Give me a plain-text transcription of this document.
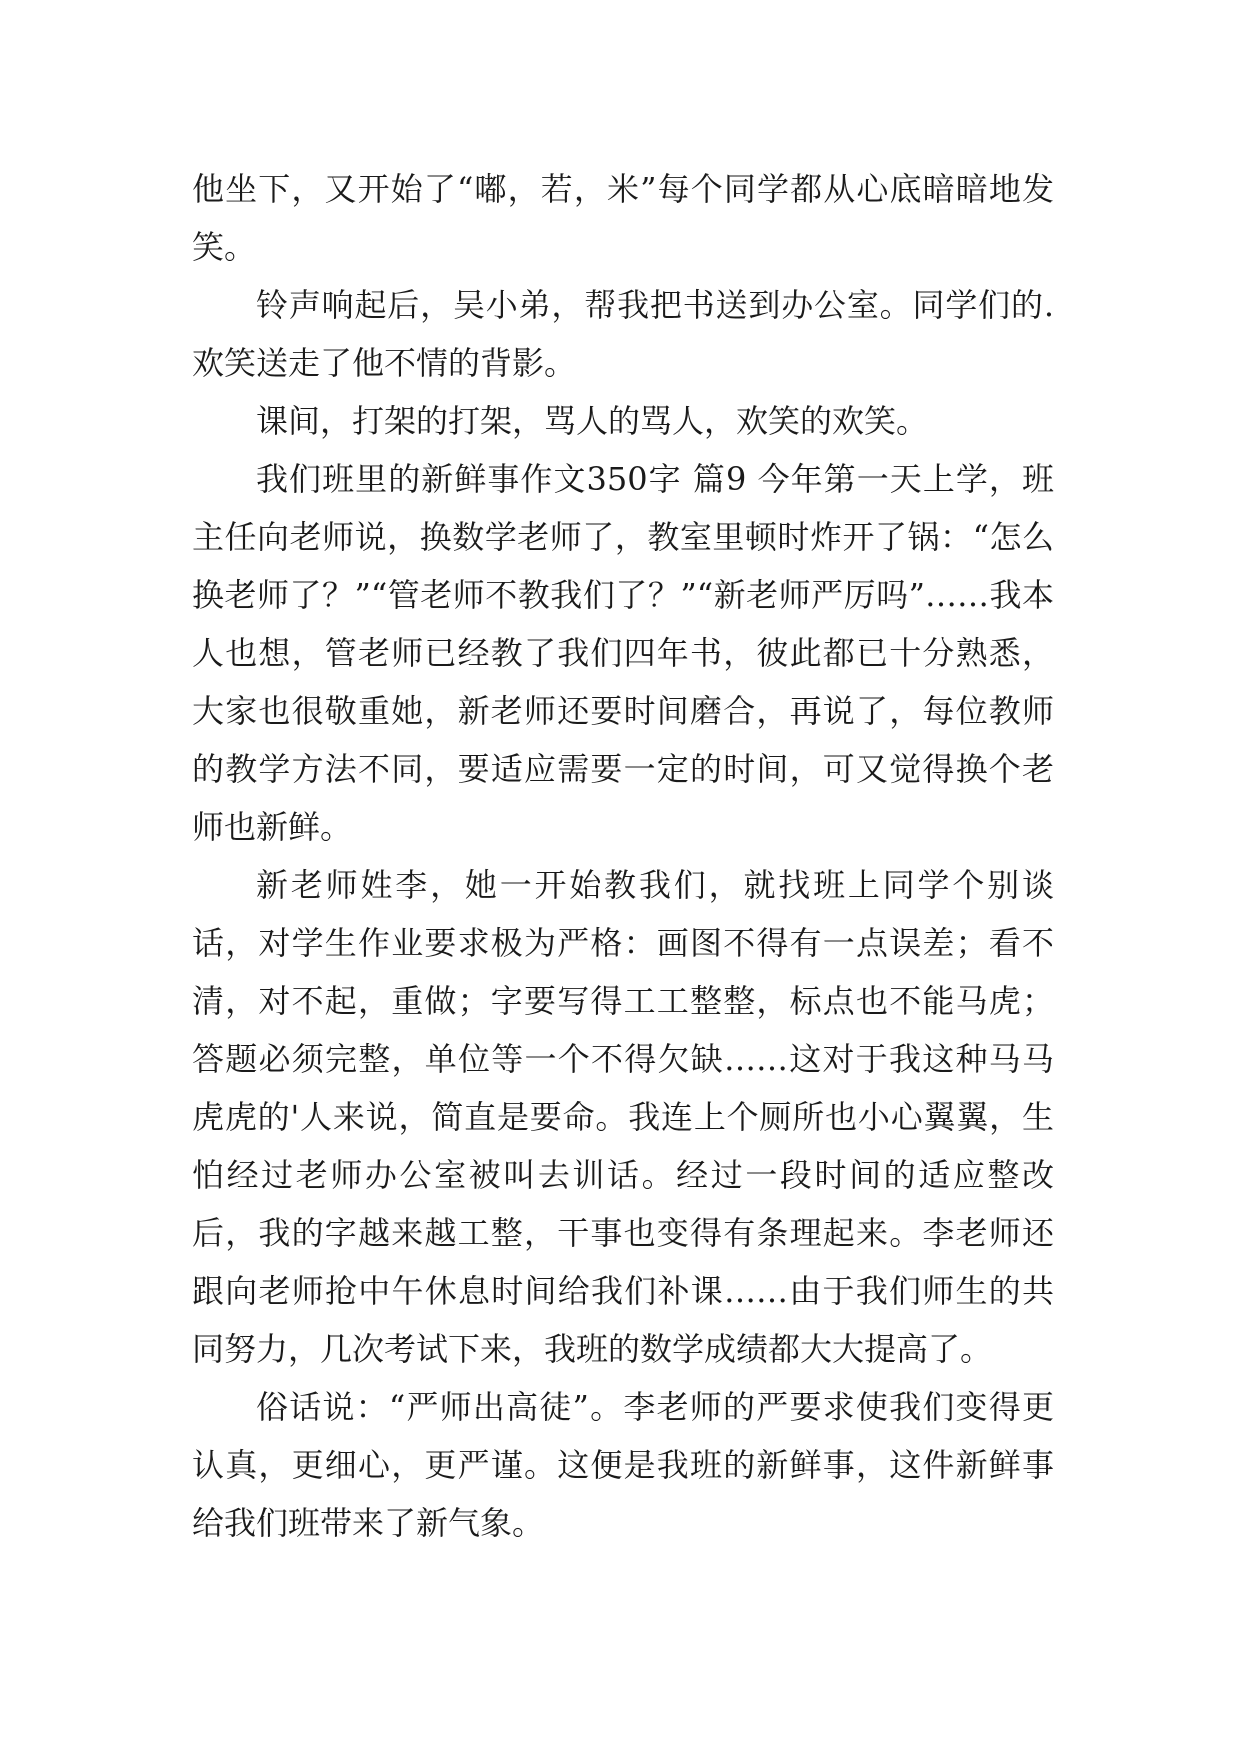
他坐下，又开始了“嘟，若，米”每个同学都从心底暗暗地发笑。

铃声响起后，吴小弟，帮我把书送到办公室。同学们的.欢笑送走了他不情的背影。

课间，打架的打架，骂人的骂人，欢笑的欢笑。

我们班里的新鲜事作文350字 篇9 今年第一天上学，班主任向老师说，换数学老师了，教室里顿时炸开了锅：“怎么换老师了？”“管老师不教我们了？”“新老师严厉吗”……我本人也想，管老师已经教了我们四年书，彼此都已十分熟悉，大家也很敬重她，新老师还要时间磨合，再说了，每位教师的教学方法不同，要适应需要一定的时间，可又觉得换个老师也新鲜。

新老师姓李，她一开始教我们，就找班上同学个别谈话，对学生作业要求极为严格：画图不得有一点误差；看不清，对不起，重做；字要写得工工整整，标点也不能马虎；答题必须完整，单位等一个不得欠缺……这对于我这种马马虎虎的'人来说，简直是要命。我连上个厕所也小心翼翼，生怕经过老师办公室被叫去训话。经过一段时间的适应整改后，我的字越来越工整，干事也变得有条理起来。李老师还跟向老师抢中午休息时间给我们补课……由于我们师生的共同努力，几次考试下来，我班的数学成绩都大大提高了。

俗话说：“严师出高徒”。李老师的严要求使我们变得更认真，更细心，更严谨。这便是我班的新鲜事，这件新鲜事给我们班带来了新气象。
